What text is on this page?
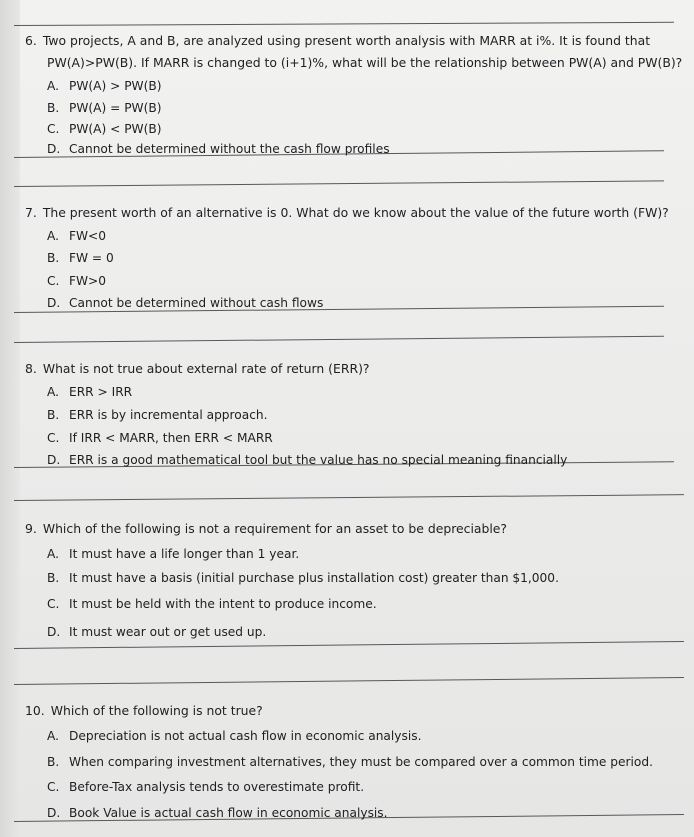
6. Two projects, A and B, are analyzed using present worth analysis with MARR at i%. It is found that
PW(A)>PW(B). If MARR is changed to (i+1)%, what will be the relationship between PW(A) and PW(B)?
A. PW(A) > PW(B)
B. PW(A) = PW(B)
C. PW(A) < PW(B)
D. Cannot be determined without the cash flow profiles
7. The present worth of an alternative is 0. What do we know about the value of the future worth (FW)?
A. FW<0
B. FW = 0
C. FW>0
D. Cannot be determined without cash flows
8. What is not true about external rate of return (ERR)?
A. ERR > IRR
B. ERR is by incremental approach.
C. If IRR < MARR, then ERR < MARR
D. ERR is a good mathematical tool but the value has no special meaning financially
9. Which of the following is not a requirement for an asset to be depreciable?
A. It must have a life longer than 1 year.
B. It must have a basis (initial purchase plus installation cost) greater than $1,000.
C. It must be held with the intent to produce income.
D. It must wear out or get used up.
10. Which of the following is not true?
A. Depreciation is not actual cash flow in economic analysis.
B. When comparing investment alternatives, they must be compared over a common time period.
C. Before-Tax analysis tends to overestimate profit.
D. Book Value is actual cash flow in economic analysis.
